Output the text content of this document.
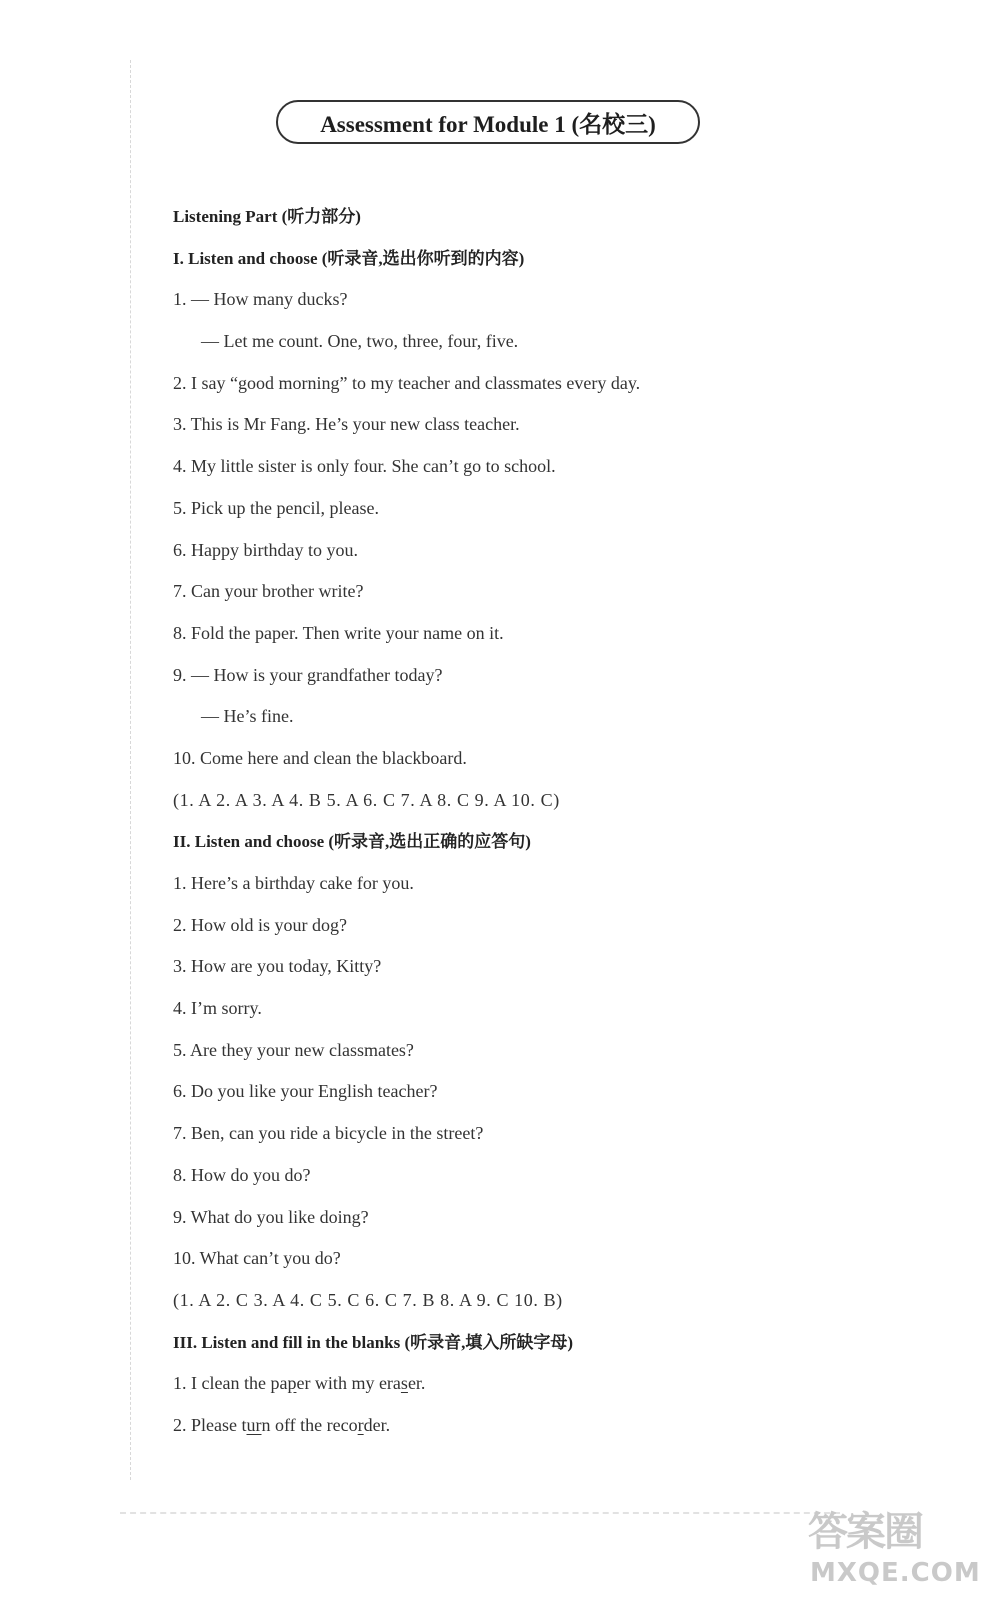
Assessment for Module 1 (名校三)
Listening Part (听力部分)
I. Listen and choose (听录音,选出你听到的内容)
1. — How many ducks?
— Let me count. One, two, three, four, five.
2. I say “good morning” to my teacher and classmates every day.
3. This is Mr Fang. He’s your new class teacher.
4. My little sister is only four. She can’t go to school.
5. Pick up the pencil, please.
6. Happy birthday to you.
7. Can your brother write?
8. Fold the paper. Then write your name on it.
9. — How is your grandfather today?
— He’s fine.
10. Come here and clean the blackboard.
(1. A 2. A 3. A 4. B 5. A 6. C 7. A 8. C 9. A 10. C)
II. Listen and choose (听录音,选出正确的应答句)
1. Here’s a birthday cake for you.
2. How old is your dog?
3. How are you today, Kitty?
4. I’m sorry.
5. Are they your new classmates?
6. Do you like your English teacher?
7. Ben, can you ride a bicycle in the street?
8. How do you do?
9. What do you like doing?
10. What can’t you do?
(1. A 2. C 3. A 4. C 5. C 6. C 7. B 8. A 9. C 10. B)
III. Listen and fill in the blanks (听录音,填入所缺字母)
1. I clean the paper with my eraser.
2. Please turn off the recorder.
答案圈
MXQE.COM
